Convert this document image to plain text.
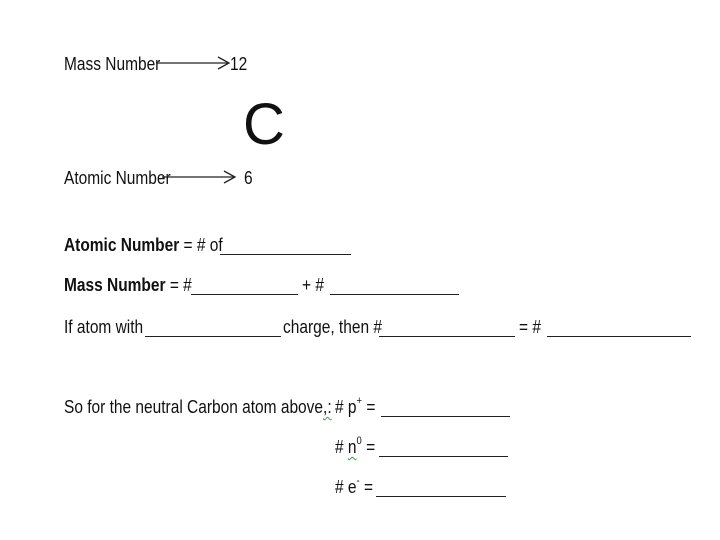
Mass Number	12
C
Atomic Number	6
Atomic Number = # of
Mass Number = #	+ #
If atom with	charge, then #	= #
So for the neutral Carbon atom above,: # p+ =
# $n^0$ =
# e- =
